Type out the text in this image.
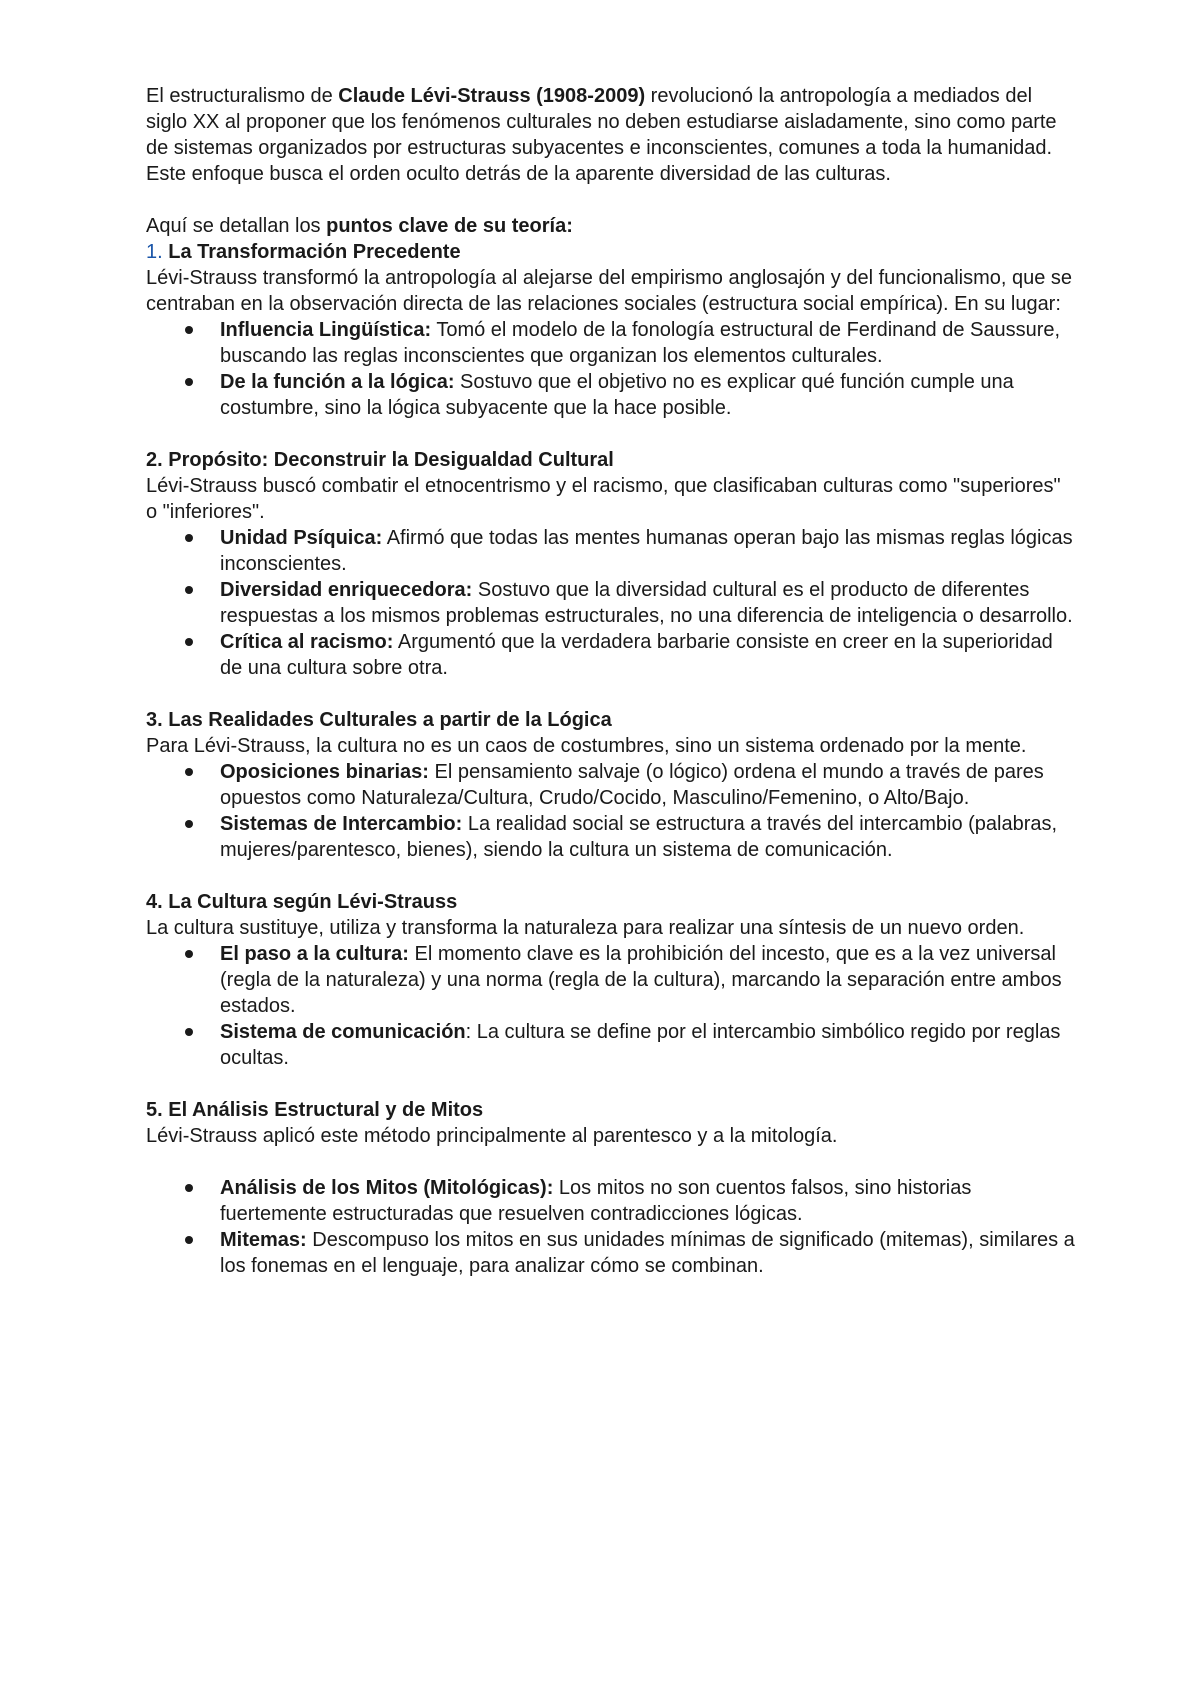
El estructuralismo de Claude Lévi-Strauss (1908-2009) revolucionó la antropología a mediados del siglo XX al proponer que los fenómenos culturales no deben estudiarse aisladamente, sino como parte de sistemas organizados por estructuras subyacentes e inconscientes, comunes a toda la humanidad. Este enfoque busca el orden oculto detrás de la aparente diversidad de las culturas.

Aquí se detallan los puntos clave de su teoría:

1. La Transformación Precedente

Lévi-Strauss transformó la antropología al alejarse del empirismo anglosajón y del funcionalismo, que se centraban en la observación directa de las relaciones sociales (estructura social empírica). En su lugar:

Influencia Lingüística: Tomó el modelo de la fonología estructural de Ferdinand de Saussure, buscando las reglas inconscientes que organizan los elementos culturales.
De la función a la lógica: Sostuvo que el objetivo no es explicar qué función cumple una costumbre, sino la lógica subyacente que la hace posible.

2. Propósito: Deconstruir la Desigualdad Cultural

Lévi-Strauss buscó combatir el etnocentrismo y el racismo, que clasificaban culturas como "superiores" o "inferiores".

Unidad Psíquica: Afirmó que todas las mentes humanas operan bajo las mismas reglas lógicas inconscientes.
Diversidad enriquecedora: Sostuvo que la diversidad cultural es el producto de diferentes respuestas a los mismos problemas estructurales, no una diferencia de inteligencia o desarrollo.
Crítica al racismo: Argumentó que la verdadera barbarie consiste en creer en la superioridad de una cultura sobre otra.

3. Las Realidades Culturales a partir de la Lógica

Para Lévi-Strauss, la cultura no es un caos de costumbres, sino un sistema ordenado por la mente.

Oposiciones binarias: El pensamiento salvaje (o lógico) ordena el mundo a través de pares opuestos como Naturaleza/Cultura, Crudo/Cocido, Masculino/Femenino, o Alto/Bajo.
Sistemas de Intercambio: La realidad social se estructura a través del intercambio (palabras, mujeres/parentesco, bienes), siendo la cultura un sistema de comunicación.

4. La Cultura según Lévi-Strauss

La cultura sustituye, utiliza y transforma la naturaleza para realizar una síntesis de un nuevo orden.

El paso a la cultura: El momento clave es la prohibición del incesto, que es a la vez universal (regla de la naturaleza) y una norma (regla de la cultura), marcando la separación entre ambos estados.
Sistema de comunicación: La cultura se define por el intercambio simbólico regido por reglas ocultas.

5. El Análisis Estructural y de Mitos

Lévi-Strauss aplicó este método principalmente al parentesco y a la mitología.

Análisis de los Mitos (Mitológicas): Los mitos no son cuentos falsos, sino historias fuertemente estructuradas que resuelven contradicciones lógicas.
Mitemas: Descompuso los mitos en sus unidades mínimas de significado (mitemas), similares a los fonemas en el lenguaje, para analizar cómo se combinan.
